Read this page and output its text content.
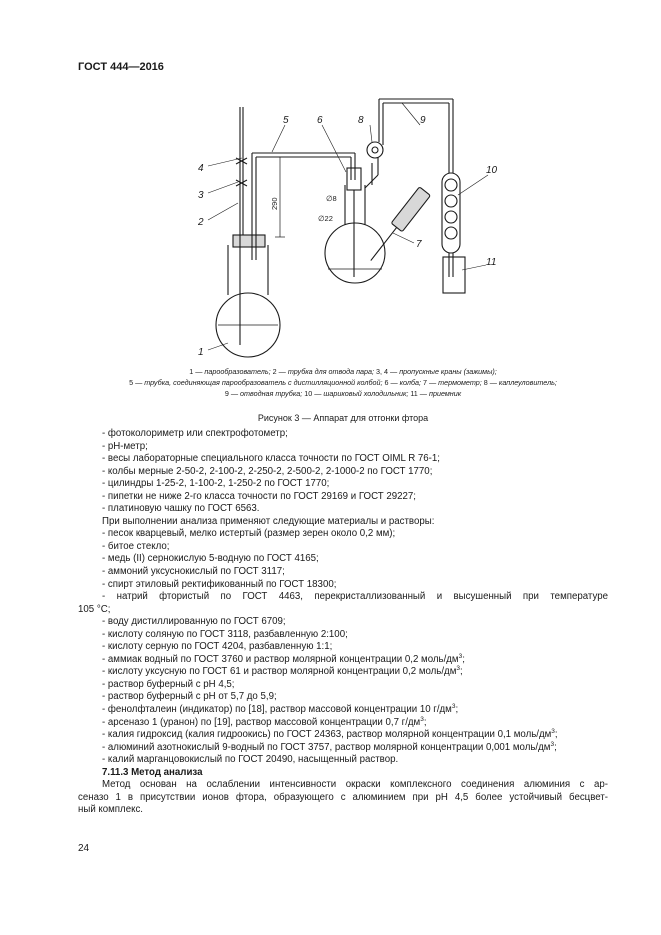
ГОСТ 444—2016
1
2
3
4
5	6	8	9
10
11
7
290	∅8
∅22
1 — парообразователь; 2 — трубка для отвода пара; 3, 4 — пропускные краны (зажимы);
5 — трубка, соединяющая парообразователь с дистилляционной колбой; 6 — колба; 7 — термометр; 8 — каплеуловитель;
9 — отводная трубка; 10 — шариковый холодильник; 11 — приемник
Рисунок 3 — Аппарат для отгонки фтора
- фотоколориметр или спектрофотометр;
- pH-метр;
- весы лабораторные специального класса точности по ГОСТ OIML R 76-1;
- колбы мерные 2-50-2, 2-100-2, 2-250-2, 2-500-2, 2-1000-2 по ГОСТ 1770;
- цилиндры 1-25-2, 1-100-2, 1-250-2 по ГОСТ 1770;
- пипетки не ниже 2-го класса точности по ГОСТ 29169 и ГОСТ 29227;
- платиновую чашку по ГОСТ 6563.
При выполнении анализа применяют следующие материалы и растворы:
- песок кварцевый, мелко истертый (размер зерен около 0,2 мм);
- битое стекло;
- медь (II) сернокислую 5-водную по ГОСТ 4165;
- аммоний уксуснокислый по ГОСТ 3117;
- спирт этиловый ректификованный по ГОСТ 18300;
- натрий фтористый по ГОСТ 4463, перекристаллизованный и высушенный при температуре
105 °С;
- воду дистиллированную по ГОСТ 6709;
- кислоту соляную по ГОСТ 3118, разбавленную 2:100;
- кислоту серную по ГОСТ 4204, разбавленную 1:1;
- аммиак водный по ГОСТ 3760 и раствор молярной концентрации 0,2 моль/$дм^3$;
- кислоту уксусную по ГОСТ 61 и раствор молярной концентрации 0,2 моль/$дм^3$;
- раствор буферный с pH 4,5;
- раствор буферный с pH от 5,7 до 5,9;
- фенолфталеин (индикатор) по [18], раствор массовой концентрации 10 $г/дм^3$;
- арсеназо 1 (уранон) по [19], раствор массовой концентрации 0,7 $г/дм^3$;
- калия гидроксид (калия гидроокись) по ГОСТ 24363, раствор молярной концентрации 0,1 моль/$дм^3$;
- алюминий азотнокислый 9-водный по ГОСТ 3757, раствор молярной концентрации 0,001 моль/$дм^3$;
- калий марганцовокислый по ГОСТ 20490, насыщенный раствор.
7.11.3 Метод анализа
Метод основан на ослаблении интенсивности окраски комплексного соединения алюминия с ар-
сеназо 1 в присутствии ионов фтора, образующего с алюминием при pH 4,5 более устойчивый бесцвет-
ный комплекс.
24
